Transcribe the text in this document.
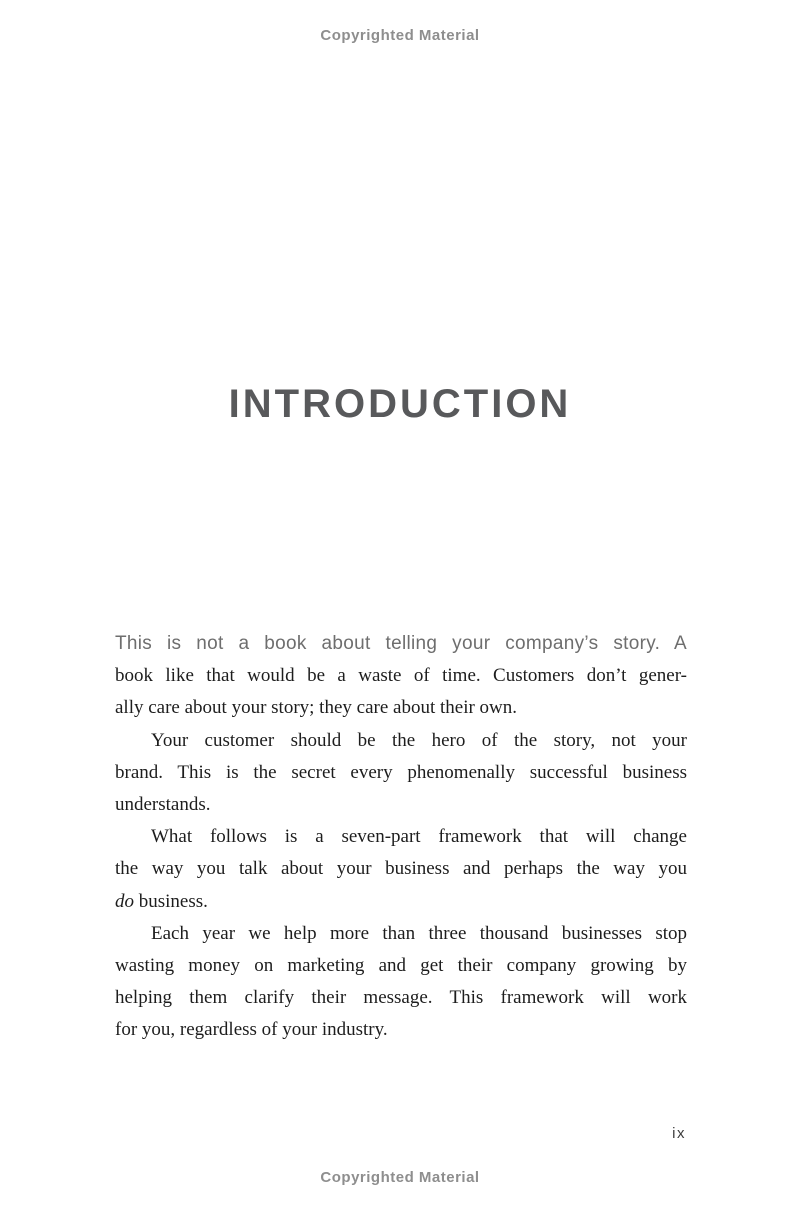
Copyrighted Material
INTRODUCTION
This is not a book about telling your company’s story. A
book like that would be a waste of time. Customers don’t gener-
ally care about your story; they care about their own.
Your customer should be the hero of the story, not your
brand. This is the secret every phenomenally successful business
understands.
What follows is a seven-part framework that will change
the way you talk about your business and perhaps the way you
do business.
Each year we help more than three thousand businesses stop
wasting money on marketing and get their company growing by
helping them clarify their message. This framework will work
for you, regardless of your industry.
ix
Copyrighted Material
